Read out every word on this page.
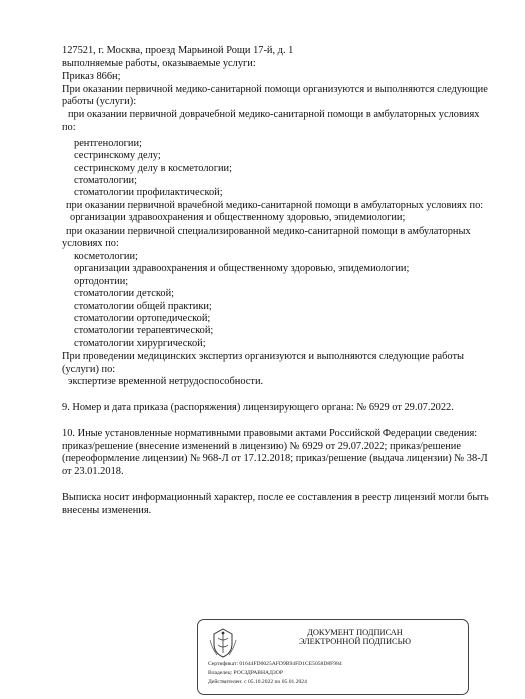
127521, г. Москва, проезд Марьиной Рощи 17-й, д. 1
выполняемые работы, оказываемые услуги:
Приказ 866н;
При оказании первичной медико-санитарной помощи организуются и выполняются следующие
работы (услуги):
при оказании первичной доврачебной медико-санитарной помощи в амбулаторных условиях
по:
рентгенологии;
сестринскому делу;
сестринскому делу в косметологии;
стоматологии;
стоматологии профилактической;
при оказании первичной врачебной медико-санитарной помощи в амбулаторных условиях по:
организации здравоохранения и общественному здоровью, эпидемиологии;
при оказании первичной специализированной медико-санитарной помощи в амбулаторных
условиях по:
косметологии;
организации здравоохранения и общественному здоровью, эпидемиологии;
ортодонтии;
стоматологии детской;
стоматологии общей практики;
стоматологии ортопедической;
стоматологии терапевтической;
стоматологии хирургической;
При проведении медицинских экспертиз организуются и выполняются следующие работы
(услуги) по:
экспертизе временной нетрудоспособности.
9. Номер и дата приказа (распоряжения) лицензирующего органа: № 6929 от 29.07.2022.
10. Иные установленные нормативными правовыми актами Российской Федерации сведения:
приказ/решение (внесение изменений в лицензию) № 6929 от 29.07.2022; приказ/решение
(переоформление лицензии) № 968-Л от 17.12.2018; приказ/решение (выдача лицензии) № 38-Л
от 23.01.2018.
Выписка носит информационный характер, после ее составления в реестр лицензий могли быть
внесены изменения.
ДОКУМЕНТ ПОДПИСАН
ЭЛЕКТРОННОЙ ПОДПИСЬЮ
Сертификат: 01644FD0025AFD9B94FD1CE5058D8F984
Владелец: РОСЗДРАВНАДЗОР
Действителен: с 05.10.2022 по 05.01.2024
